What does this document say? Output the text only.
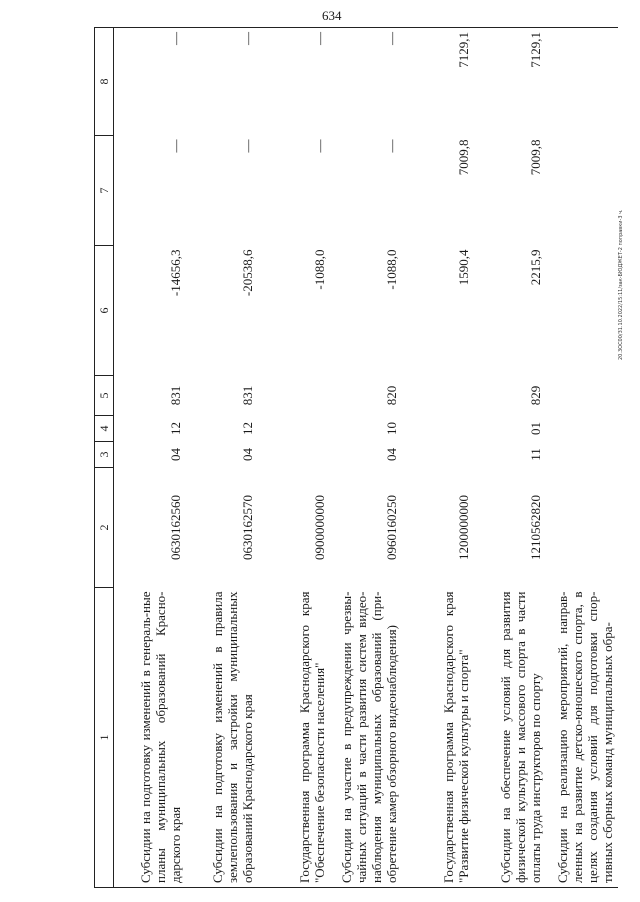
634
20.3ОС00/31.10.2022/15:11/зак-БЮДЖЕТ-2 поправки-3 ч.
1	2	3	4	5	6	7	8
Субсидии на подготовку изменений в генераль-ные планы муниципальных образований Красно-дарского края	0630162560	04	12	831	-14656,3	—	—
Субсидии на подготовку изменений в правила землепользования и застройки муниципальных образований Краснодарского края	0630162570	04	12	831	-20538,6	—	—
Государственная программа Краснодарского края "Обеспечение безопасности населения"	0900000000				-1088,0	—	—
Субсидии на участие в предупреждении чрезвы-чайных ситуаций в части развития систем видео-наблюдения муниципальных образований (при-обретение камер обзорного видеонаблюдения)	0960160250	04	10	820	-1088,0	—	—
Государственная программа Краснодарского края "Развитие физической культуры и спорта"	1200000000				1590,4	7009,8	7129,1
Субсидии на обеспечение условий для развития физической культуры и массового спорта в части оплаты труда инструкторов по спорту	1210562820	11	01	829	2215,9	7009,8	7129,1
Субсидии на реализацию мероприятий, направ-ленных на развитие детско-юношеского спорта, в целях создания условий для подготовки спор-тивных сборных команд муниципальных обра-							
